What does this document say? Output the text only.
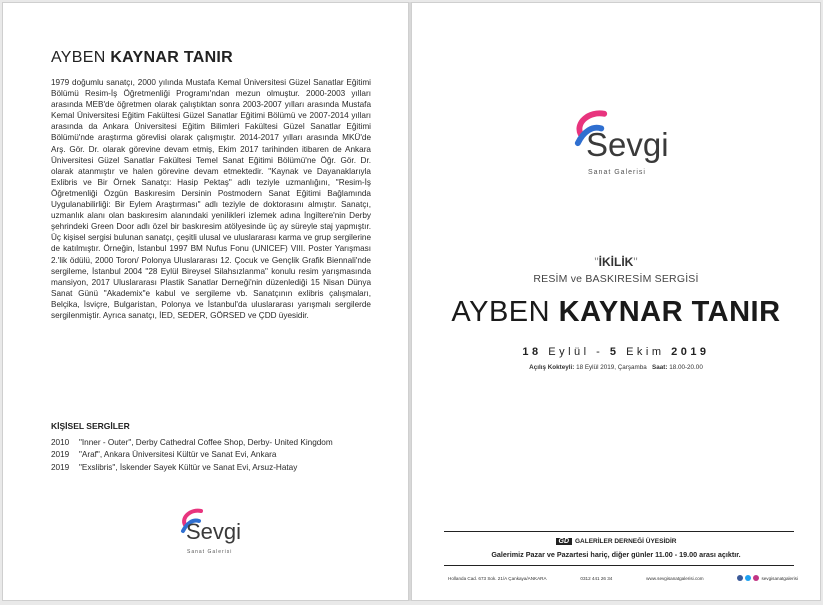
AYBEN KAYNAR TANIR

1979 doğumlu sanatçı, 2000 yılında Mustafa Kemal Üniversitesi Güzel Sanatlar Eğitimi Bölümü Resim-İş Öğretmenliği Programı'ndan mezun olmuştur. 2000-2003 yılları arasında MEB'de öğretmen olarak çalıştıktan sonra 2003-2007 yılları arasında Mustafa Kemal Üniversitesi Eğitim Fakültesi Güzel Sanatlar Eğitimi Bölümü ve 2007-2014 yılları arasında da Ankara Üniversitesi Eğitim Bilimleri Fakültesi Güzel Sanatlar Eğitimi Bölümü'nde araştırma görevlisi olarak çalışmıştır. 2014-2017 yılları arasında MKÜ'de Arş. Gör. Dr. olarak görevine devam etmiş, Ekim 2017 tarihinden itibaren de Ankara Üniversitesi Güzel Sanatlar Fakültesi Temel Sanat Eğitimi Bölümü'ne Öğr. Gör. Dr. olarak atanmıştır ve halen görevine devam etmektedir. "Kaynak ve Dayanaklarıyla Exlibris ve Bir Örnek Sanatçı: Hasip Pektaş" adlı teziyle uzmanlığını, "Resim-İş Öğretmenliği Özgün Baskıresim Dersinin Postmodern Sanat Eğitimi Bağlamında Uygulanabilirliği: Bir Eylem Araştırması" adlı teziyle de doktorasını almıştır. Sanatçı, uzmanlık alanı olan baskıresim alanındaki yenilikleri izlemek adına İngiltere'nin Derby şehrindeki Green Door adlı özel bir baskıresim atölyesinde üç ay süreyle staj yapmıştır. Üç kişisel sergisi bulunan sanatçı, çeşitli ulusal ve uluslararası karma ve grup sergilerine de katılmıştır. Örneğin, İstanbul 1997 BM Nufus Fonu (UNICEF) VIII. Poster Yarışması 2.'lik ödülü, 2000 Toron/ Polonya Uluslararası 12. Çocuk ve Gençlik Grafik Biennali'nde sergileme, İstanbul 2004 "28 Eylül Bireysel Silahsızlanma" konulu resim yarışmasında mansiyon, 2017 Uluslararası Plastik Sanatlar Derneği'nin düzenlediği 15 Nisan Dünya Sanat Günü "Akademix"e kabul ve sergileme vb. Sanatçının exlibris çalışmaları, Belçika, İsviçre, Bulgaristan, Polonya ve İstanbul'da uluslararası yarışmalı sergilerde sergilenmiştir. Ayrıca sanatçı, İED, SEDER, GÖRSED ve ÇDD üyesidir.

KİŞİSEL SERGİLER
2010 "Inner - Outer", Derby Cathedral Coffee Shop, Derby- United Kingdom
2019 "Araf", Ankara Üniversitesi Kültür ve Sanat Evi, Ankara
2019 "Exslibris", İskender Sayek Kültür ve Sanat Evi, Arsuz-Hatay
Sevgi
Sanat Galerisi
Sevgi
Sanat Galerisi
"İKİLİK"
RESİM ve BASKIRESİM SERGİSİ
AYBEN KAYNAR TANIR
18 Eylül - 5 Ekim 2019
Açılış Kokteyli: 18 Eylül 2019, Çarşamba Saat: 18.00-20.00
GD GALERİLER DERNEĞİ ÜYESİDİR
Galerimiz Pazar ve Pazartesi hariç, diğer günler 11.00 - 19.00 arası açıktır.
Hollanda Cad. 673 Sok. 21/A Çankaya/ANKARA	0312 441 26 34	www.sevgisanatgalerisi.com	sevgisanatgalerisi
